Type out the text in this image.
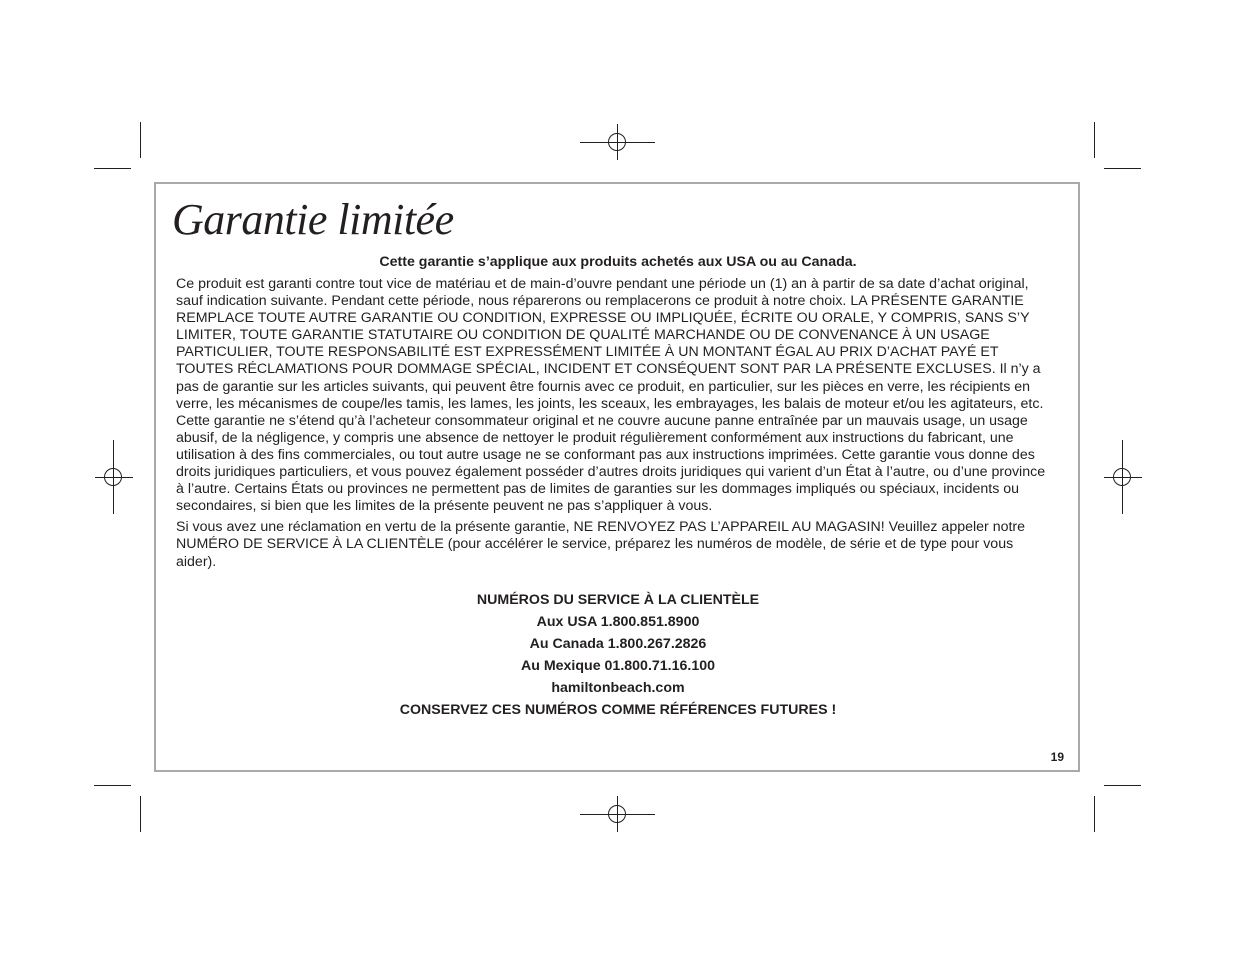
Garantie limitée
Cette garantie s’applique aux produits achetés aux USA ou au Canada.

Ce produit est garanti contre tout vice de matériau et de main-d’ouvre pendant une période un (1) an à partir de sa date d’achat original, sauf indication suivante. Pendant cette période, nous réparerons ou remplacerons ce produit à notre choix. LA PRÉSENTE GARANTIE REMPLACE TOUTE AUTRE GARANTIE OU CONDITION, EXPRESSE OU IMPLIQUÉE, ÉCRITE OU ORALE, Y COMPRIS, SANS S’Y LIMITER, TOUTE GARANTIE STATUTAIRE OU CONDITION DE QUALITÉ MARCHANDE OU DE CONVENANCE À UN USAGE PARTICULIER, TOUTE RESPONSABILITÉ EST EXPRESSÉMENT LIMITÉE À UN MONTANT ÉGAL AU PRIX D’ACHAT PAYÉ ET TOUTES RÉCLAMATIONS POUR DOMMAGE SPÉCIAL, INCIDENT ET CONSÉQUENT SONT PAR LA PRÉSENTE EXCLUSES. Il n’y a pas de garantie sur les articles suivants, qui peuvent être fournis avec ce produit, en particulier, sur les pièces en verre, les récipients en verre, les mécanismes de coupe/les tamis, les lames, les joints, les sceaux, les embrayages, les balais de moteur et/ou les agitateurs, etc. Cette garantie ne s’étend qu’à l’acheteur consommateur original et ne couvre aucune panne entraînée par un mauvais usage, un usage abusif, de la négligence, y compris une absence de nettoyer le produit régulièrement conformément aux instructions du fabricant, une utilisation à des fins commerciales, ou tout autre usage ne se conformant pas aux instructions imprimées. Cette garantie vous donne des droits juridiques particuliers, et vous pouvez également posséder d’autres droits juridiques qui varient d’un État à l’autre, ou d’une province à l’autre. Certains États ou provinces ne permettent pas de limites de garanties sur les dommages impliqués ou spéciaux, incidents ou secondaires, si bien que les limites de la présente peuvent ne pas s’appliquer à vous.

Si vous avez une réclamation en vertu de la présente garantie, NE RENVOYEZ PAS L’APPAREIL AU MAGASIN! Veuillez appeler notre NUMÉRO DE SERVICE À LA CLIENTÈLE (pour accélérer le service, préparez les numéros de modèle, de série et de type pour vous aider).

NUMÉROS DU SERVICE À LA CLIENTÈLE
Aux USA 1.800.851.8900
Au Canada 1.800.267.2826
Au Mexique 01.800.71.16.100
hamiltonbeach.com
CONSERVEZ CES NUMÉROS COMME RÉFÉRENCES FUTURES !
19
